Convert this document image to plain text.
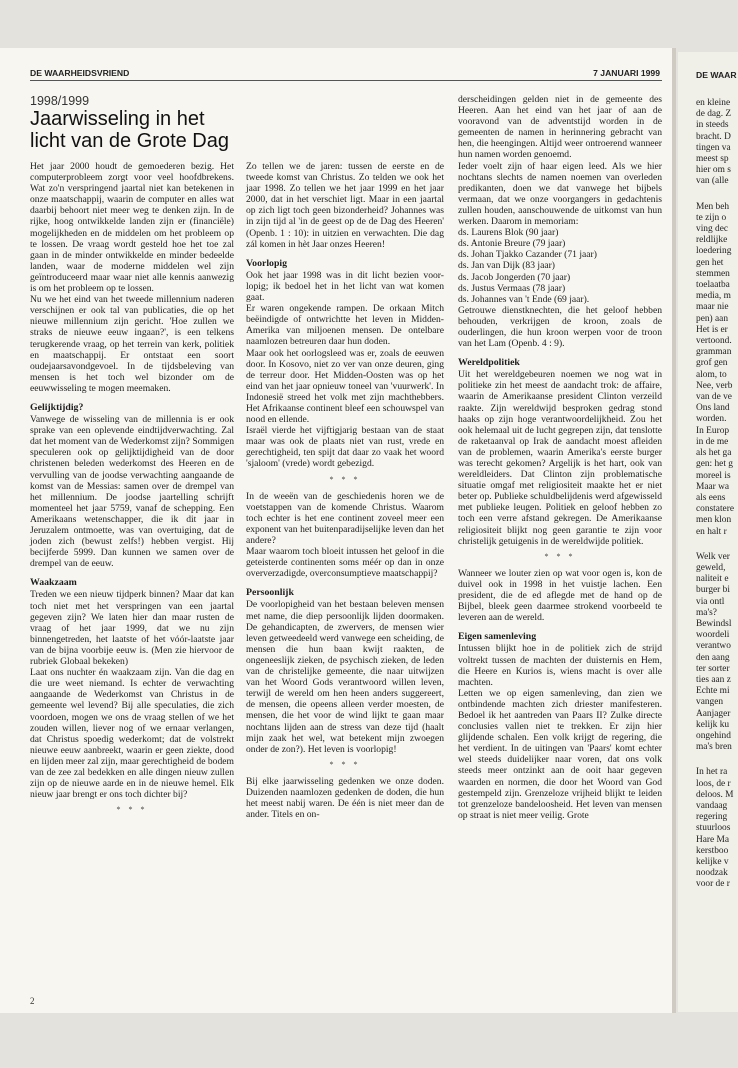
DE WAARHEIDSVRIEND	7 JANUARI 1999
1998/1999
Jaarwisseling in het licht van de Grote Dag

Het jaar 2000 houdt de gemoederen bezig. Het computerprobleem zorgt voor veel hoofdbrekens. Wat zo'n verspringend jaartal niet kan betekenen in onze maatschappij, waarin de computer en alles wat daarbij behoort niet meer weg te denken zijn. In de rijke, hoog ontwikkelde landen zijn er (financiële) mogelijkheden en de middelen om het probleem op te lossen. De vraag wordt gesteld hoe het toe zal gaan in de minder ontwikkelde en minder bedeelde landen, waar de moderne middelen wel zijn geïntroduceerd maar waar niet alle kennis aanwezig is om het probleem op te lossen.

Nu we het eind van het tweede millennium naderen verschijnen er ook tal van publicaties, die op het nieuwe millennium zijn gericht. 'Hoe zullen we straks de nieuwe eeuw ingaan?', is een telkens terugkerende vraag, op het terrein van kerk, politiek en maatschappij. Er ontstaat een soort oudejaarsavondgevoel. In de tijdsbeleving van mensen is het toch wel bizonder om de eeuwwisseling te mogen meemaken.

Gelijktijdig?

Vanwege de wisseling van de millennia is er ook sprake van een oplevende eindtijdverwachting. Zal dat het moment van de Wederkomst zijn? Sommigen speculeren ook op gelijktijdigheid van de door christenen beleden wederkomst des Heeren en de vervulling van de joodse verwachting aangaande de komst van de Messias: samen over de drempel van het millennium. De joodse jaartelling schrijft momenteel het jaar 5759, vanaf de schepping. Een Amerikaans wetenschapper, die ik dit jaar in Jeruzalem ontmoette, was van overtuiging, dat de joden zich (bewust zelfs!) hebben vergist. Hij becijferde 5999. Dan kunnen we samen over de drempel van de eeuw.

Waakzaam

Treden we een nieuw tijdperk binnen? Maar dat kan toch niet met het verspringen van een jaartal gegeven zijn? We laten hier dan maar rusten de vraag of het jaar 1999, dat we nu zijn binnengetreden, het laatste of het vóór-laatste jaar van de bijna voorbije eeuw is. (Men zie hiervoor de rubriek Globaal bekeken)

Laat ons nuchter én waakzaam zijn. Van die dag en die ure weet niemand. Is echter de verwachting aangaande de Wederkomst van Christus in de gemeente wel levend? Bij alle speculaties, die zich voordoen, mogen we ons de vraag stellen of we het zouden willen, liever nog of we ernaar verlangen, dat Christus spoedig wederkomt; dat de volstrekt nieuwe eeuw aanbreekt, waarin er geen ziekte, dood en lijden meer zal zijn, maar gerechtigheid de bodem van de zee zal bedekken en alle dingen nieuw zullen zijn op de nieuwe aarde en in de nieuwe hemel. Elk nieuw jaar brengt er ons toch dichter bij?

* * *

Zo tellen we de jaren: tussen de eerste en de tweede komst van Christus. Zo telden we ook het jaar 1998. Zo tellen we het jaar 1999 en het jaar 2000, dat in het verschiet ligt. Maar in een jaartal op zich ligt toch geen bizonderheid? Johannes was in zijn tijd al 'in de geest op de de Dag des Heeren' (Openb. 1 : 10): in uitzien en verwachten. Die dag zál komen in hèt Jaar onzes Heeren!

Voorlopig

Ook het jaar 1998 was in dit licht bezien voor-lopig; ik bedoel het in het licht van wat komen gaat.

Er waren ongekende rampen. De orkaan Mitch beëindigde of ontwrichtte het leven in Midden-Amerika van miljoenen mensen. De ontelbare naamlozen betreuren daar hun doden.

Maar ook het oorlogsleed was er, zoals de eeuwen door. In Kosovo, niet zo ver van onze deuren, ging de terreur door. Het Midden-Oosten was op het eind van het jaar opnieuw toneel van 'vuurwerk'. In Indonesië streed het volk met zijn machthebbers. Het Afrikaanse continent bleef een schouwspel van nood en ellende.

Israël vierde het vijftigjarig bestaan van de staat maar was ook de plaats niet van rust, vrede en gerechtigheid, ten spijt dat daar zo vaak het woord 'sjaloom' (vrede) wordt gebezigd.

* * *

In de weeën van de geschiedenis horen we de voetstappen van de komende Christus. Waarom toch echter is het ene continent zoveel meer een exponent van het buitenparadijselijke leven dan het andere?

Maar waarom toch bloeit intussen het geloof in die geteisterde continenten soms méér op dan in onze oververzadigde, overconsumptieve maatschappij?

Persoonlijk

De voorlopigheid van het bestaan beleven mensen met name, die diep persoonlijk lijden doormaken. De gehandicapten, de zwervers, de mensen wier leven getweedeeld werd vanwege een scheiding, de mensen die hun baan kwijt raakten, de ongeneeslijk zieken, de psychisch zieken, de leden van de christelijke gemeente, die naar uitwijzen van het Woord Gods verantwoord willen leven, terwijl de wereld om hen heen anders suggereert, de mensen, die opeens alleen verder moesten, de mensen, die het voor de wind lijkt te gaan maar nochtans lijden aan de stress van deze tijd (haalt mijn zaak het wel, wat betekent mijn zwoegen onder de zon?). Het leven is voorlopig!

* * *

Bij elke jaarwisseling gedenken we onze doden. Duizenden naamlozen gedenken de doden, die hun het meest nabij waren. De één is niet meer dan de ander. Titels en on-

derscheidingen gelden niet in de gemeente des Heeren. Aan het eind van het jaar of aan de vooravond van de adventstijd worden in de gemeenten de namen in herinnering gebracht van hen, die heengingen. Altijd weer ontroerend wanneer hun namen worden genoemd.

Ieder voelt zijn of haar eigen leed. Als we hier nochtans slechts de namen noemen van overleden predikanten, doen we dat vanwege het bijbels vermaan, dat we onze voorgangers in gedachtenis zullen houden, aanschouwende de uitkomst van hun werken. Daarom in memoriam:

ds. Laurens Blok (90 jaar)

ds. Antonie Breure (79 jaar)

ds. Johan Tjakko Cazander (71 jaar)

ds. Jan van Dijk (83 jaar)

ds. Jacob Jongerden (70 jaar)

ds. Justus Vermaas (78 jaar)

ds. Johannes van 't Ende (69 jaar).

Getrouwe dienstknechten, die het geloof hebben behouden, verkrijgen de kroon, zoals de ouderlingen, die hun kroon werpen voor de troon van het Lam (Openb. 4 : 9).

Wereldpolitiek

Uit het wereldgebeuren noemen we nog wat in politieke zin het meest de aandacht trok: de affaire, waarin de Amerikaanse president Clinton verzeild raakte. Zijn wereldwijd besproken gedrag stond haaks op zijn hoge verantwoordelijkheid. Zou het ook helemaal uit de lucht gegrepen zijn, dat tenslotte de raketaanval op Irak de aandacht moest afleiden van de problemen, waarin Amerika's eerste burger was terecht gekomen? Argelijk is het hart, ook van wereldleiders. Dat Clinton zijn problematische situatie omgaf met religiositeit maakte het er niet beter op. Publieke schuldbelijdenis werd afgewisseld met publieke leugen. Politiek en geloof hebben zo toch een verre afstand gekregen. De Amerikaanse religiositeit blijkt nog geen garantie te zijn voor christelijk getuigenis in de wereldwijde politiek.

* * *

Wanneer we louter zien op wat voor ogen is, kon de duivel ook in 1998 in het vuistje lachen. Een president, die de ed aflegde met de hand op de Bijbel, bleek geen daarmee strokend voorbeeld te leveren aan de wereld.

Eigen samenleving

Intussen blijkt hoe in de politiek zich de strijd voltrekt tussen de machten der duisternis en Hem, die Heere en Kurios is, wiens macht is over alle machten.

Letten we op eigen samenleving, dan zien we ontbindende machten zich driester manifesteren. Bedoel ik het aantreden van Paars II? Zulke directe conclusies vallen niet te trekken. Er zijn hier glijdende schalen. Een volk krijgt de regering, die het verdient. In de uitingen van 'Paars' komt echter wel steeds duidelijker naar voren, dat ons volk steeds meer ontzinkt aan de ooit haar gegeven waarden en normen, die door het Woord van God gestempeld zijn. Grenzeloze vrijheid blijkt te leiden tot grenzeloze bandeloosheid. Het leven van mensen op straat is niet meer veilig. Grote

2
DE WAAR

en kleine
de dag. Z
in steeds
bracht. D
tingen va
meest sp
hier om s
van (alle

Men beh
te zijn o
ving dec
reldlijke
loedering
gen het
stemmen
toelaatba
media, m
maar nie
pen) aan
Het is er
vertoond.
gramman
grof gen
alom, to
Nee, verb
van de ve
Ons land
worden.
In Europ
in de me
als het ga
gen: het g
moreel is
Maar wa
als eens
constatere
men klon
en halt r

Welk ver
geweld,
naliteit e
burger bi
via ontl
ma's?
Bewindsl
woordeli
verantwo
den aang
ter sorter
ties aan z
Echte mi
vangen
Aanjager
kelijk ku
ongehind
ma's bren

In het ra
loos, de r
deloos. M
vandaag
regering
stuurloos
Hare Ma
kerstboo
kelijke v
noodzak
voor de r
